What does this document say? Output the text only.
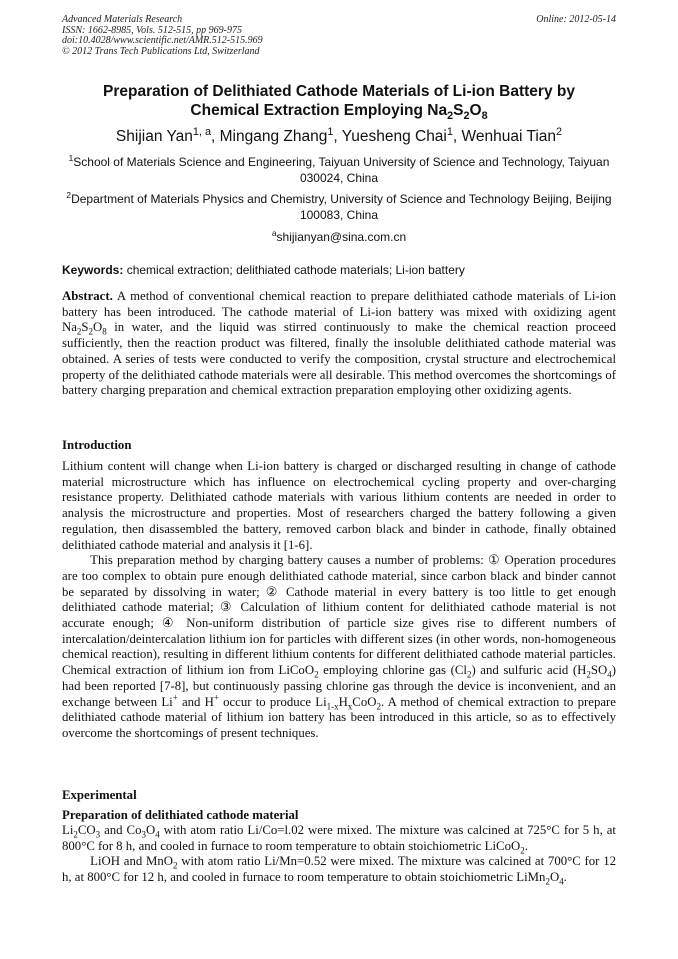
Advanced Materials Research
ISSN: 1662-8985, Vols. 512-515, pp 969-975
doi:10.4028/www.scientific.net/AMR.512-515.969
© 2012 Trans Tech Publications Ltd, Switzerland
Online: 2012-05-14
Preparation of Delithiated Cathode Materials of Li-ion Battery by
Chemical Extraction Employing $Na_2S_2O_8$
Shijian Yan$^{1, a}$, Mingang Zhang$^1$, Yuesheng Chai$^1$, Wenhuai Tian$^2$
$^1$School of Materials Science and Engineering, Taiyuan University of Science and Technology, Taiyuan 030024, China
$^2$Department of Materials Physics and Chemistry, University of Science and Technology Beijing, Beijing 100083, China
$^a$shijianyan@sina.com.cn
Keywords: chemical extraction; delithiated cathode materials; Li-ion battery

Abstract. A method of conventional chemical reaction to prepare delithiated cathode materials of Li-ion battery has been introduced. The cathode material of Li-ion battery was mixed with oxidizing agent $Na_2S_2O_8$ in water, and the liquid was stirred continuously to make the chemical reaction proceed sufficiently, then the reaction product was filtered, finally the insoluble delithiated cathode material was obtained. A series of tests were conducted to verify the composition, crystal structure and electrochemical property of the delithiated cathode materials were all desirable. This method overcomes the shortcomings of battery charging preparation and chemical extraction preparation employing other oxidizing agents.

Introduction

Lithium content will change when Li-ion battery is charged or discharged resulting in change of cathode material microstructure which has influence on electrochemical cycling property and over-charging resistance property. Delithiated cathode materials with various lithium contents are needed in order to analysis the microstructure and properties. Most of researchers charged the battery following a given regulation, then disassembled the battery, removed carbon black and binder in cathode, finally obtained delithiated cathode material and analysis it [1-6].

This preparation method by charging battery causes a number of problems: ① Operation procedures are too complex to obtain pure enough delithiated cathode material, since carbon black and binder cannot be separated by dissolving in water; ② Cathode material in every battery is too little to get enough delithiated cathode material; ③ Calculation of lithium content for delithiated cathode material is not accurate enough; ④ Non-uniform distribution of particle size gives rise to different numbers of intercalation/deintercalation lithium ion for particles with different sizes (in other words, non-homogeneous chemical reaction), resulting in different lithium contents for different delithiated cathode material particles. Chemical extraction of lithium ion from LiCoO$_2$ employing chlorine gas $(Cl_2)$ and sulfuric acid $(H_2SO_4)$ had been reported [7-8], but continuously passing chlorine gas through the device is inconvenient, and an exchange between Li+ and H+ occur to produce $Li_{1-x}H_xCoO_2$. A method of chemical extraction to prepare delithiated cathode material of lithium ion battery has been introduced in this article, so as to effectively overcome the shortcomings of present techniques.

Experimental
Preparation of delithiated cathode material

$Li_2CO_3$ and $Co_3O_4$ with atom ratio Li/Co=l.02 were mixed. The mixture was calcined at 725°C for 5 h, at 800°C for 8 h, and cooled in furnace to room temperature to obtain stoichiometric LiCoO$_2$.

LiOH and MnO$_2$ with atom ratio Li/Mn=0.52 were mixed. The mixture was calcined at 700°C for 12 h, at 800°C for 12 h, and cooled in furnace to room temperature to obtain stoichiometric $LiMn_2O_4$.
